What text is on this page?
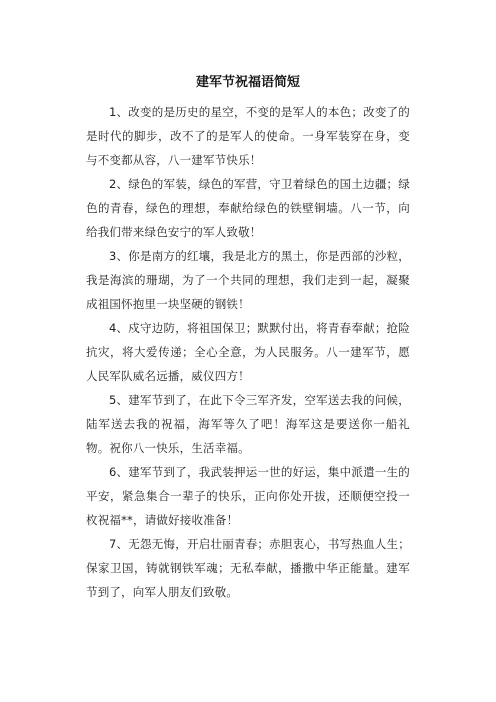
建军节祝福语简短

1、改变的是历史的星空，不变的是军人的本色；改变了的是时代的脚步，改不了的是军人的使命。一身军装穿在身，变与不变都从容，八一建军节快乐！

2、绿色的军装，绿色的军营，守卫着绿色的国土边疆；绿色的青春，绿色的理想，奉献给绿色的铁壁铜墙。八一节，向给我们带来绿色安宁的军人致敬！

3、你是南方的红壤，我是北方的黑土，你是西部的沙粒，我是海滨的珊瑚，为了一个共同的理想，我们走到一起，凝聚成祖国怀抱里一块坚硬的钢铁！

4、戍守边防，将祖国保卫；默默付出，将青春奉献；抢险抗灾，将大爱传递；全心全意，为人民服务。八一建军节，愿人民军队威名远播，威仪四方！

5、建军节到了，在此下令三军齐发，空军送去我的问候，陆军送去我的祝福，海军等久了吧！海军这是要送你一船礼物。祝你八一快乐，生活幸福。

6、建军节到了，我武装押运一世的好运，集中派遣一生的平安，紧急集合一辈子的快乐，正向你处开拔，还顺便空投一枚祝福**，请做好接收准备！

7、无怨无悔，开启壮丽青春；赤胆衷心，书写热血人生；保家卫国，铸就钢铁军魂；无私奉献，播撒中华正能量。建军节到了，向军人朋友们致敬。
